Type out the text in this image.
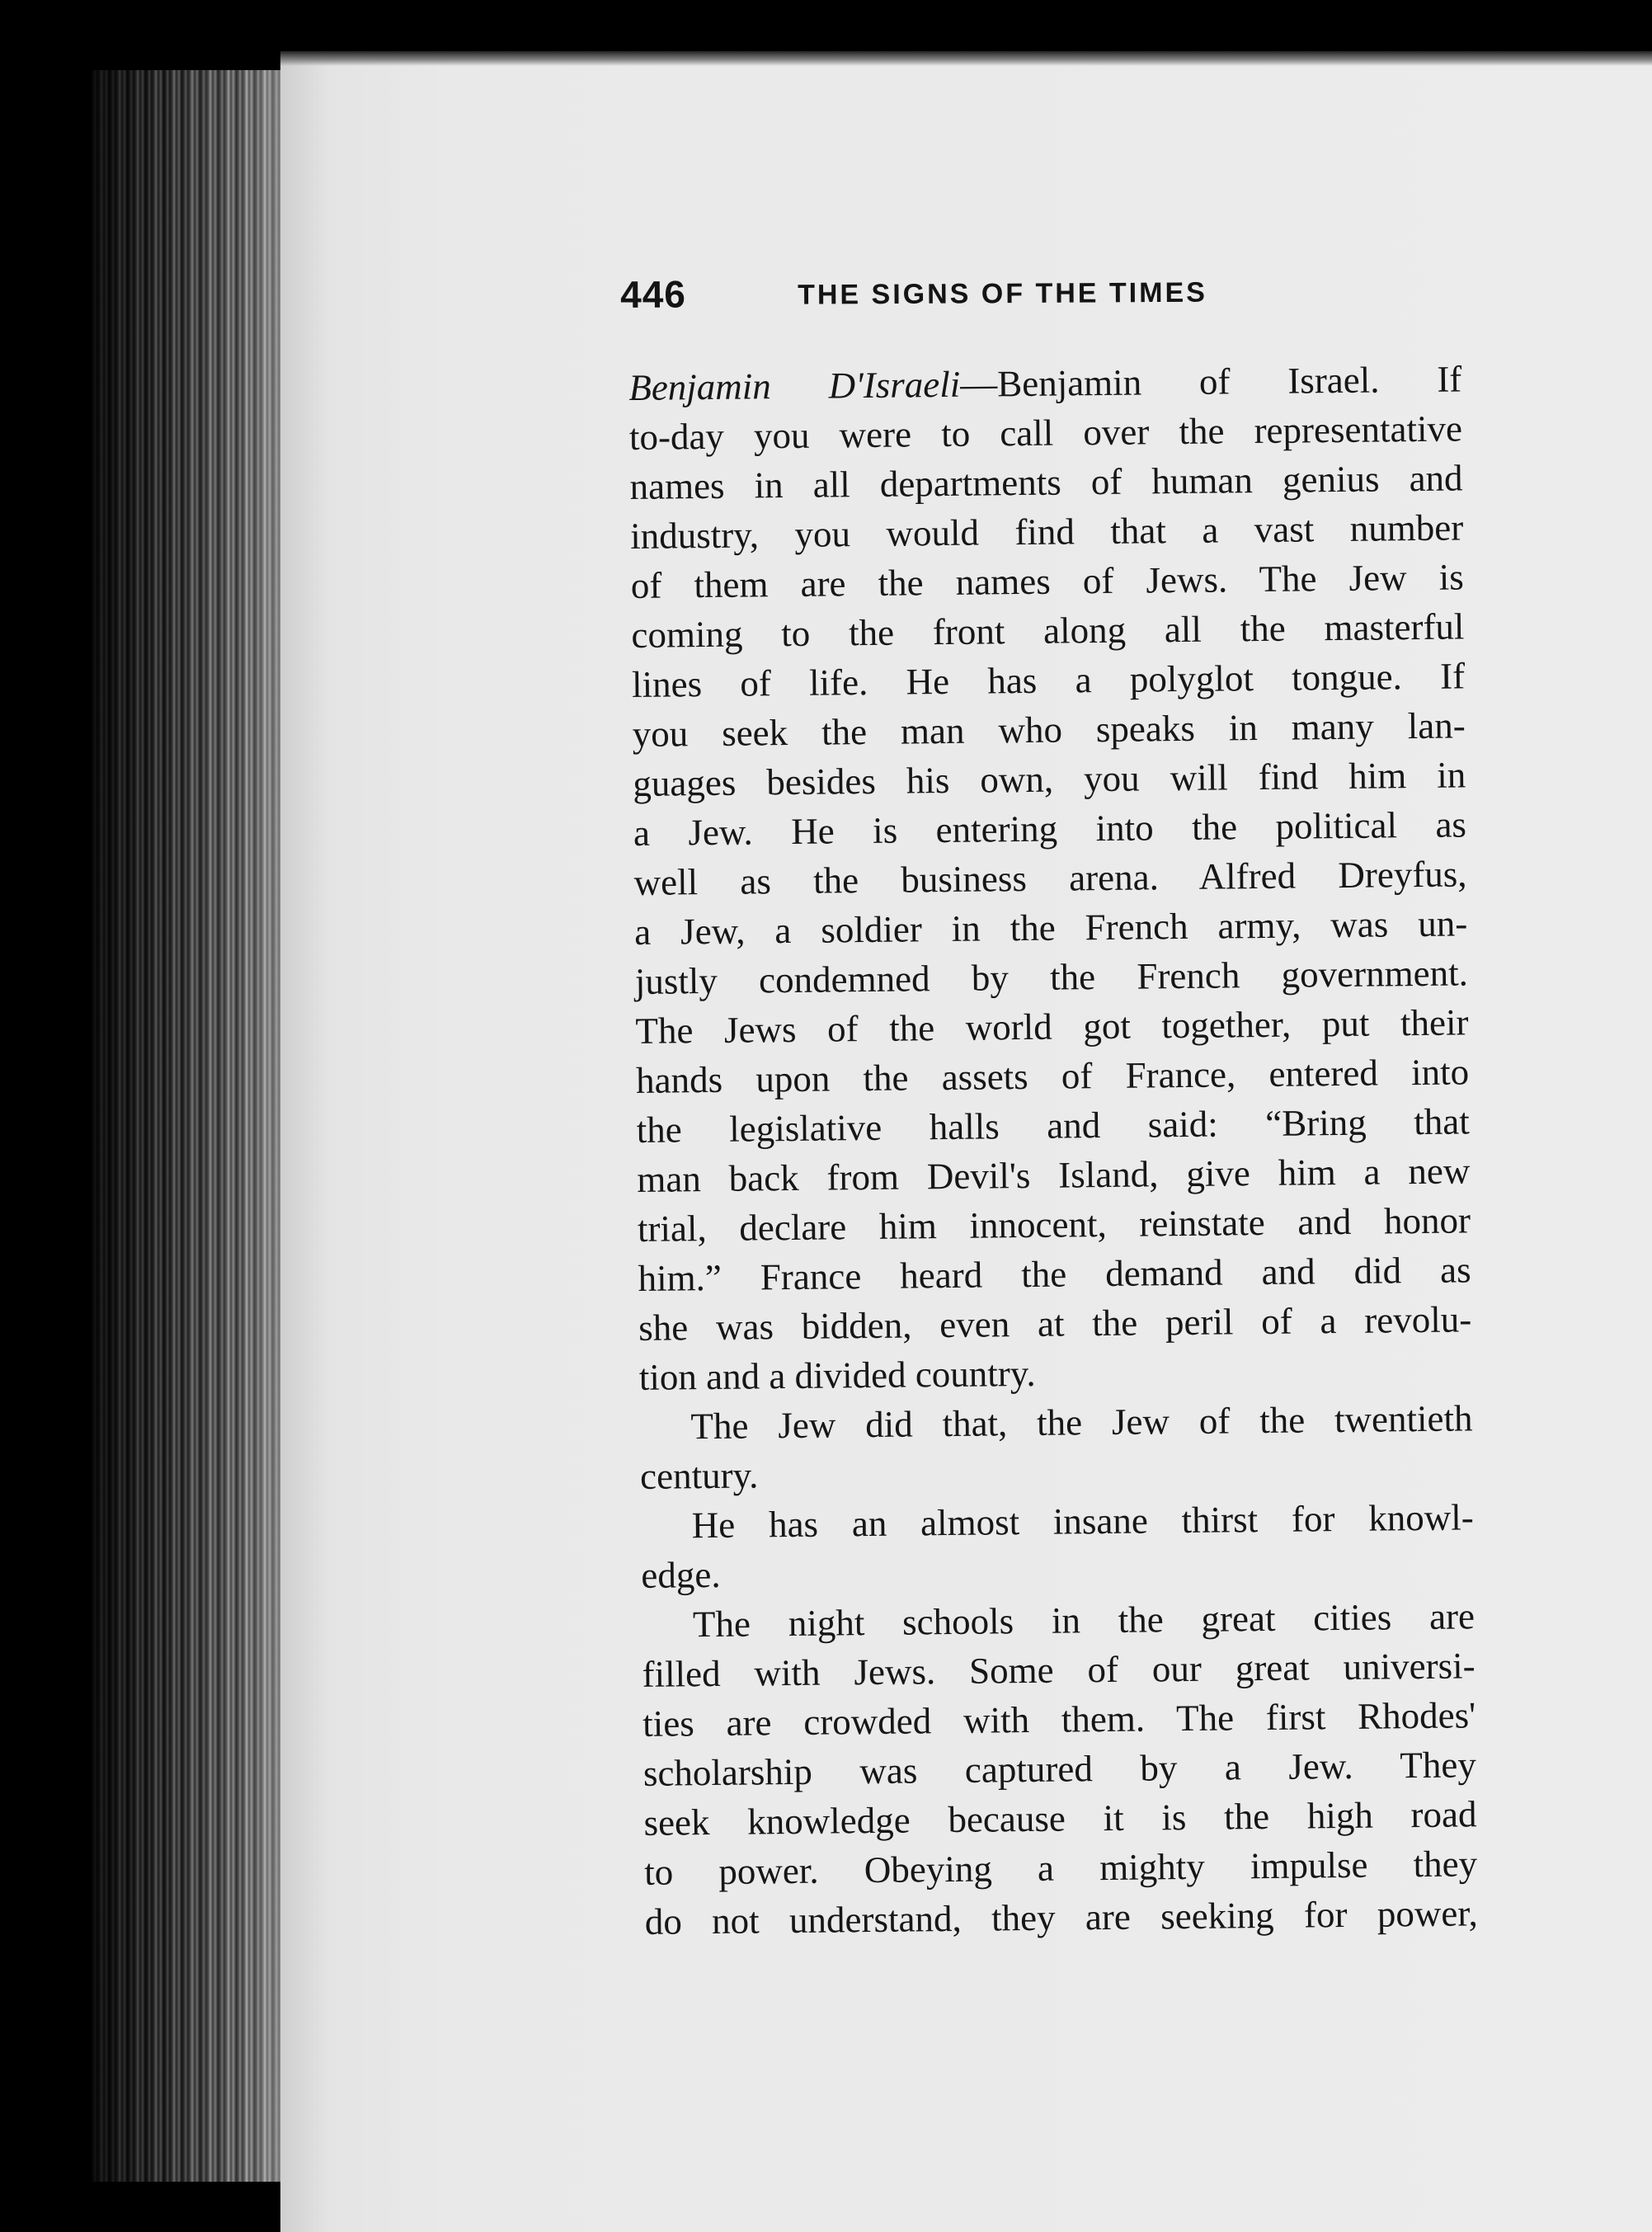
446	THE SIGNS OF THE TIMES
Benjamin D'Israeli—Benjamin of Israel. If
to-day you were to call over the representative
names in all departments of human genius and
industry, you would find that a vast number
of them are the names of Jews. The Jew is
coming to the front along all the masterful
lines of life. He has a polyglot tongue. If
you seek the man who speaks in many lan-
guages besides his own, you will find him in
a Jew. He is entering into the political as
well as the business arena. Alfred Dreyfus,
a Jew, a soldier in the French army, was un-
justly condemned by the French government.
The Jews of the world got together, put their
hands upon the assets of France, entered into
the legislative halls and said: “Bring that
man back from Devil's Island, give him a new
trial, declare him innocent, reinstate and honor
him.” France heard the demand and did as
she was bidden, even at the peril of a revolu-
tion and a divided country.
The Jew did that, the Jew of the twentieth
century.
He has an almost insane thirst for knowl-
edge.
The night schools in the great cities are
filled with Jews. Some of our great universi-
ties are crowded with them. The first Rhodes'
scholarship was captured by a Jew. They
seek knowledge because it is the high road
to power. Obeying a mighty impulse they
do not understand, they are seeking for power,
